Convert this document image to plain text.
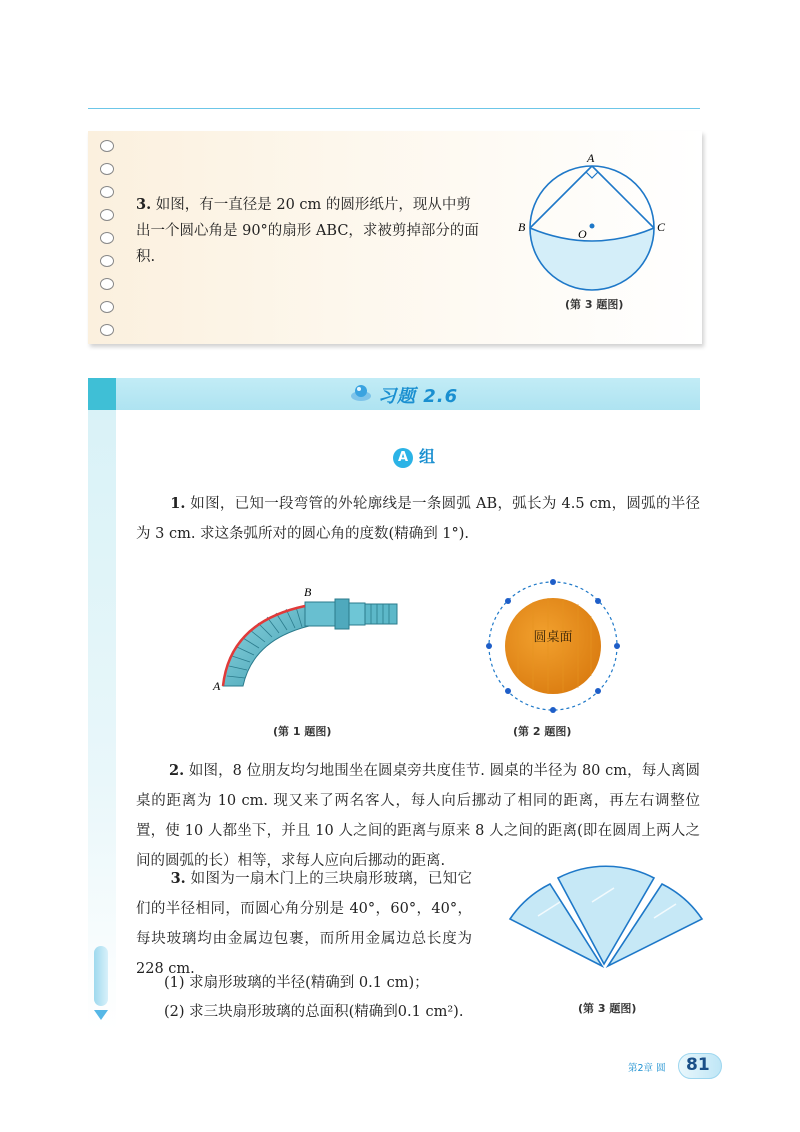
3. 如图，有一直径是 20 cm 的圆形纸片，现从中剪出一个圆心角是 90°的扇形 ABC，求被剪掉部分的面积.
A
B	C
O
(第 3 题图)
习题 2.6
A 组
1. 如图，已知一段弯管的外轮廓线是一条圆弧 AB，弧长为 4.5 cm，圆弧的半径为 3 cm. 求这条弧所对的圆心角的度数(精确到 1°).
A
B
(第 1 题图)
圆桌面
(第 2 题图)
2. 如图，8 位朋友均匀地围坐在圆桌旁共度佳节. 圆桌的半径为 80 cm，每人离圆桌的距离为 10 cm. 现又来了两名客人，每人向后挪动了相同的距离，再左右调整位置，使 10 人都坐下，并且 10 人之间的距离与原来 8 人之间的距离(即在圆周上两人之间的圆弧的长）相等，求每人应向后挪动的距离.
3. 如图为一扇木门上的三块扇形玻璃，已知它们的半径相同，而圆心角分别是 40°，60°，40°，每块玻璃均由金属边包裹，而所用金属边总长度为 228 cm.
(1) 求扇形玻璃的半径(精确到 0.1 cm)；
(2) 求三块扇形玻璃的总面积(精确到0.1 cm²).	(第 3 题图)
第2章 圆 81
